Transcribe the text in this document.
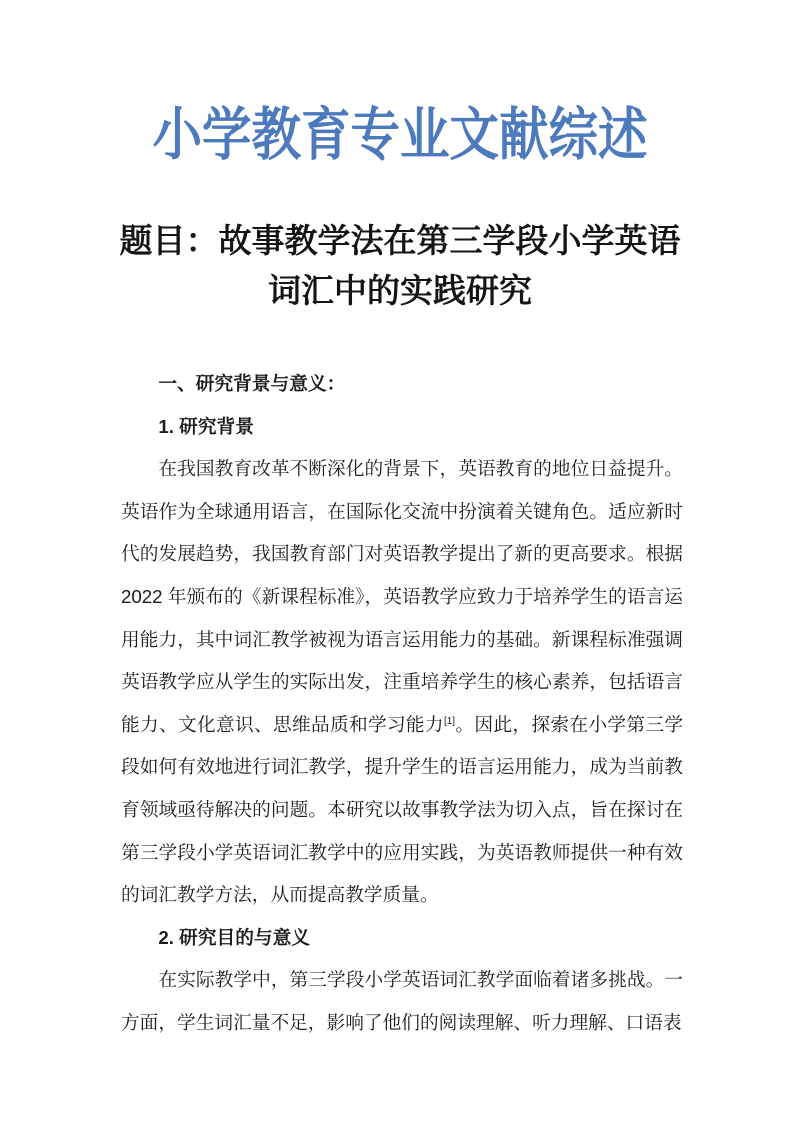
小学教育专业文献综述
题目：故事教学法在第三学段小学英语词汇中的实践研究

一、研究背景与意义：

1. 研究背景

在我国教育改革不断深化的背景下，英语教育的地位日益提升。英语作为全球通用语言，在国际化交流中扮演着关键角色。适应新时代的发展趋势，我国教育部门对英语教学提出了新的更高要求。根据 2022 年颁布的《新课程标准》，英语教学应致力于培养学生的语言运用能力，其中词汇教学被视为语言运用能力的基础。新课程标准强调英语教学应从学生的实际出发，注重培养学生的核心素养，包括语言能力、文化意识、思维品质和学习能力[1]。因此，探索在小学第三学段如何有效地进行词汇教学，提升学生的语言运用能力，成为当前教育领域亟待解决的问题。本研究以故事教学法为切入点，旨在探讨在第三学段小学英语词汇教学中的应用实践，为英语教师提供一种有效的词汇教学方法，从而提高教学质量。

2. 研究目的与意义

在实际教学中，第三学段小学英语词汇教学面临着诸多挑战。一方面，学生词汇量不足，影响了他们的阅读理解、听力理解、口语表
